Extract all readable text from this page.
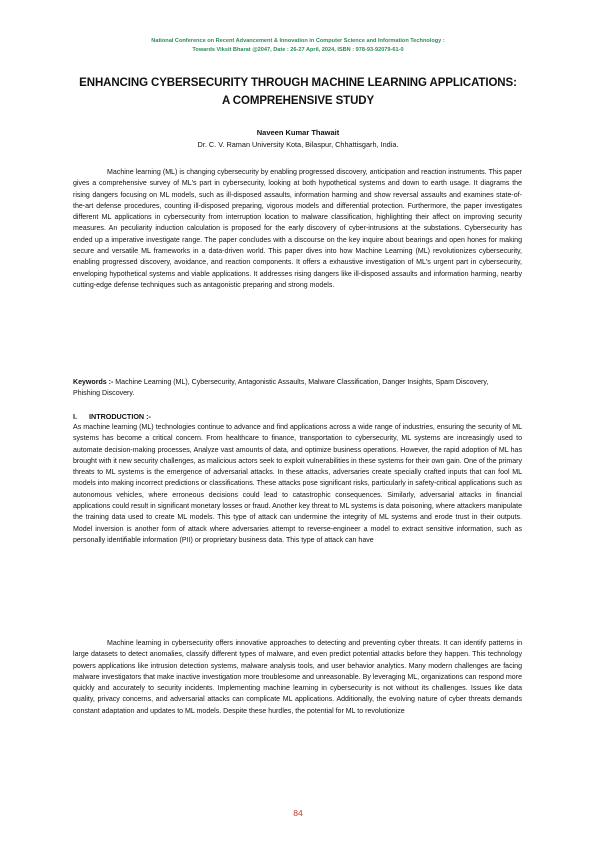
National Conference on Recent Advancement & Innovation in Computer Science and Information Technology :
Towards Viksit Bharat @2047, Date : 26-27 April, 2024, ISBN : 978-93-92079-61-0
ENHANCING CYBERSECURITY THROUGH MACHINE LEARNING APPLICATIONS:
A COMPREHENSIVE STUDY
Naveen Kumar Thawait
Dr. C. V. Raman University Kota, Bilaspur, Chhattisgarh, India.

Machine learning (ML) is changing cybersecurity by enabling progressed discovery, anticipation and reaction instruments. This paper gives a comprehensive survey of ML's part in cybersecurity, looking at both hypothetical systems and down to earth usage. It diagrams the rising dangers focusing on ML models, such as ill-disposed assaults, information harming and show reversal assaults and examines state-of-the-art defense procedures, counting ill-disposed preparing, vigorous models and differential protection. Furthermore, the paper investigates different ML applications in cybersecurity from interruption location to malware classification, highlighting their affect on improving security measures. An peculiarity induction calculation is proposed for the early discovery of cyber-intrusions at the substations. Cybersecurity has ended up a imperative investigate range. The paper concludes with a discourse on the key inquire about bearings and open hones for making secure and versatile ML frameworks in a data-driven world. This paper dives into how Machine Learning (ML) revolutionizes cybersecurity, enabling progressed discovery, avoidance, and reaction components. It offers a exhaustive investigation of ML's urgent part in cybersecurity, enveloping hypothetical systems and viable applications. It addresses rising dangers like ill-disposed assaults and information harming, nearby cutting-edge defense techniques such as antagonistic preparing and strong models.

Keywords :- Machine Learning (ML), Cybersecurity, Antagonistic Assaults, Malware Classification, Danger Insights, Spam Discovery, Phishing Discovery.

I. INTRODUCTION :-

As machine learning (ML) technologies continue to advance and find applications across a wide range of industries, ensuring the security of ML systems has become a critical concern. From healthcare to finance, transportation to cybersecurity, ML systems are increasingly used to automate decision-making processes, Analyze vast amounts of data, and optimize business operations. However, the rapid adoption of ML has brought with it new security challenges, as malicious actors seek to exploit vulnerabilities in these systems for their own gain. One of the primary threats to ML systems is the emergence of adversarial attacks. In these attacks, adversaries create specially crafted inputs that can fool ML models into making incorrect predictions or classifications. These attacks pose significant risks, particularly in safety-critical applications such as autonomous vehicles, where erroneous decisions could lead to catastrophic consequences. Similarly, adversarial attacks in financial applications could result in significant monetary losses or fraud. Another key threat to ML systems is data poisoning, where attackers manipulate the training data used to create ML models. This type of attack can undermine the integrity of ML systems and erode trust in their outputs. Model inversion is another form of attack where adversaries attempt to reverse-engineer a model to extract sensitive information, such as personally identifiable information (PII) or proprietary business data. This type of attack can have

Machine learning in cybersecurity offers innovative approaches to detecting and preventing cyber threats. It can identify patterns in large datasets to detect anomalies, classify different types of malware, and even predict potential attacks before they happen. This technology powers applications like intrusion detection systems, malware analysis tools, and user behavior analytics. Many modern challenges are facing malware investigators that make inactive investigation more troublesome and unreasonable. By leveraging ML, organizations can respond more quickly and accurately to security incidents. Implementing machine learning in cybersecurity is not without its challenges. Issues like data quality, privacy concerns, and adversarial attacks can complicate ML applications. Additionally, the evolving nature of cyber threats demands constant adaptation and updates to ML models. Despite these hurdles, the potential for ML to revolutionize

84
